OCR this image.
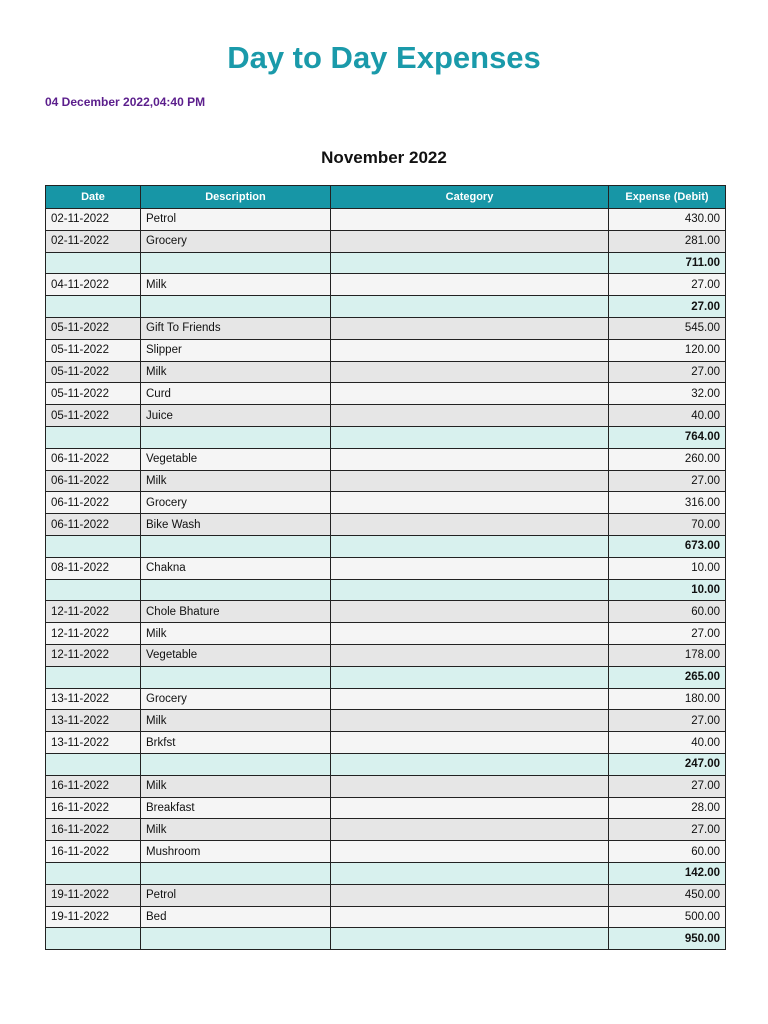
Day to Day Expenses
04 December 2022,04:40 PM
November 2022
Date	Description	Category	Expense (Debit)
02-11-2022	Petrol		430.00
02-11-2022	Grocery		281.00
			711.00
04-11-2022	Milk		27.00
			27.00
05-11-2022	Gift To Friends		545.00
05-11-2022	Slipper		120.00
05-11-2022	Milk		27.00
05-11-2022	Curd		32.00
05-11-2022	Juice		40.00
			764.00
06-11-2022	Vegetable		260.00
06-11-2022	Milk		27.00
06-11-2022	Grocery		316.00
06-11-2022	Bike Wash		70.00
			673.00
08-11-2022	Chakna		10.00
			10.00
12-11-2022	Chole Bhature		60.00
12-11-2022	Milk		27.00
12-11-2022	Vegetable		178.00
			265.00
13-11-2022	Grocery		180.00
13-11-2022	Milk		27.00
13-11-2022	Brkfst		40.00
			247.00
16-11-2022	Milk		27.00
16-11-2022	Breakfast		28.00
16-11-2022	Milk		27.00
16-11-2022	Mushroom		60.00
			142.00
19-11-2022	Petrol		450.00
19-11-2022	Bed		500.00
			950.00
